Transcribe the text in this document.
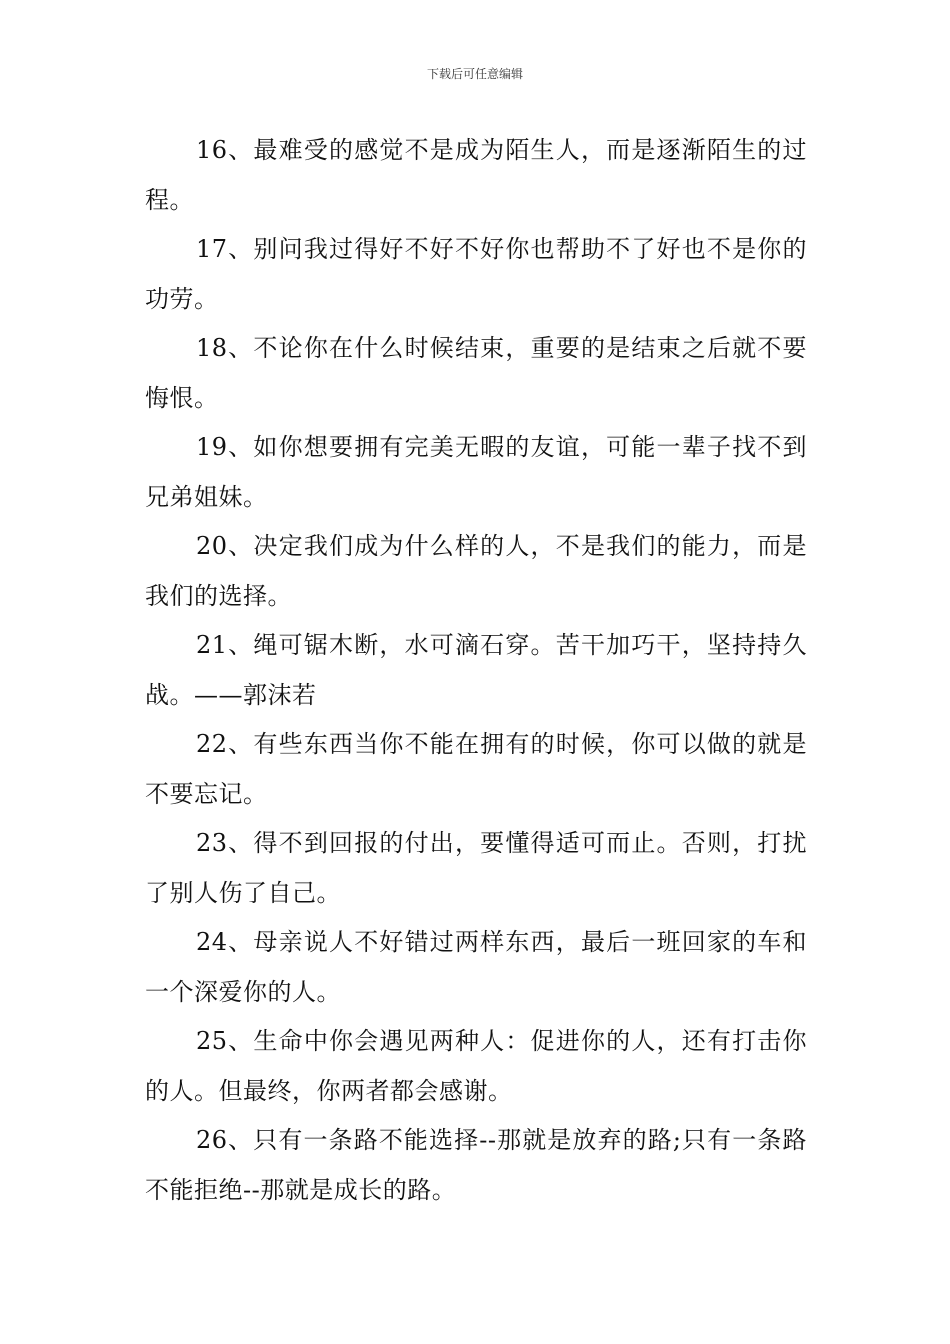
下载后可任意编辑

16、最难受的感觉不是成为陌生人，而是逐渐陌生的过程。

17、别问我过得好不好不好你也帮助不了好也不是你的功劳。

18、不论你在什么时候结束，重要的是结束之后就不要悔恨。

19、如你想要拥有完美无暇的友谊，可能一辈子找不到兄弟姐妹。

20、决定我们成为什么样的人，不是我们的能力，而是我们的选择。

21、绳可锯木断，水可滴石穿。苦干加巧干，坚持持久战。——郭沫若

22、有些东西当你不能在拥有的时候，你可以做的就是不要忘记。

23、得不到回报的付出，要懂得适可而止。否则，打扰了别人伤了自己。

24、母亲说人不好错过两样东西，最后一班回家的车和一个深爱你的人。

25、生命中你会遇见两种人：促进你的人，还有打击你的人。但最终，你两者都会感谢。

26、只有一条路不能选择--那就是放弃的路;只有一条路不能拒绝--那就是成长的路。
